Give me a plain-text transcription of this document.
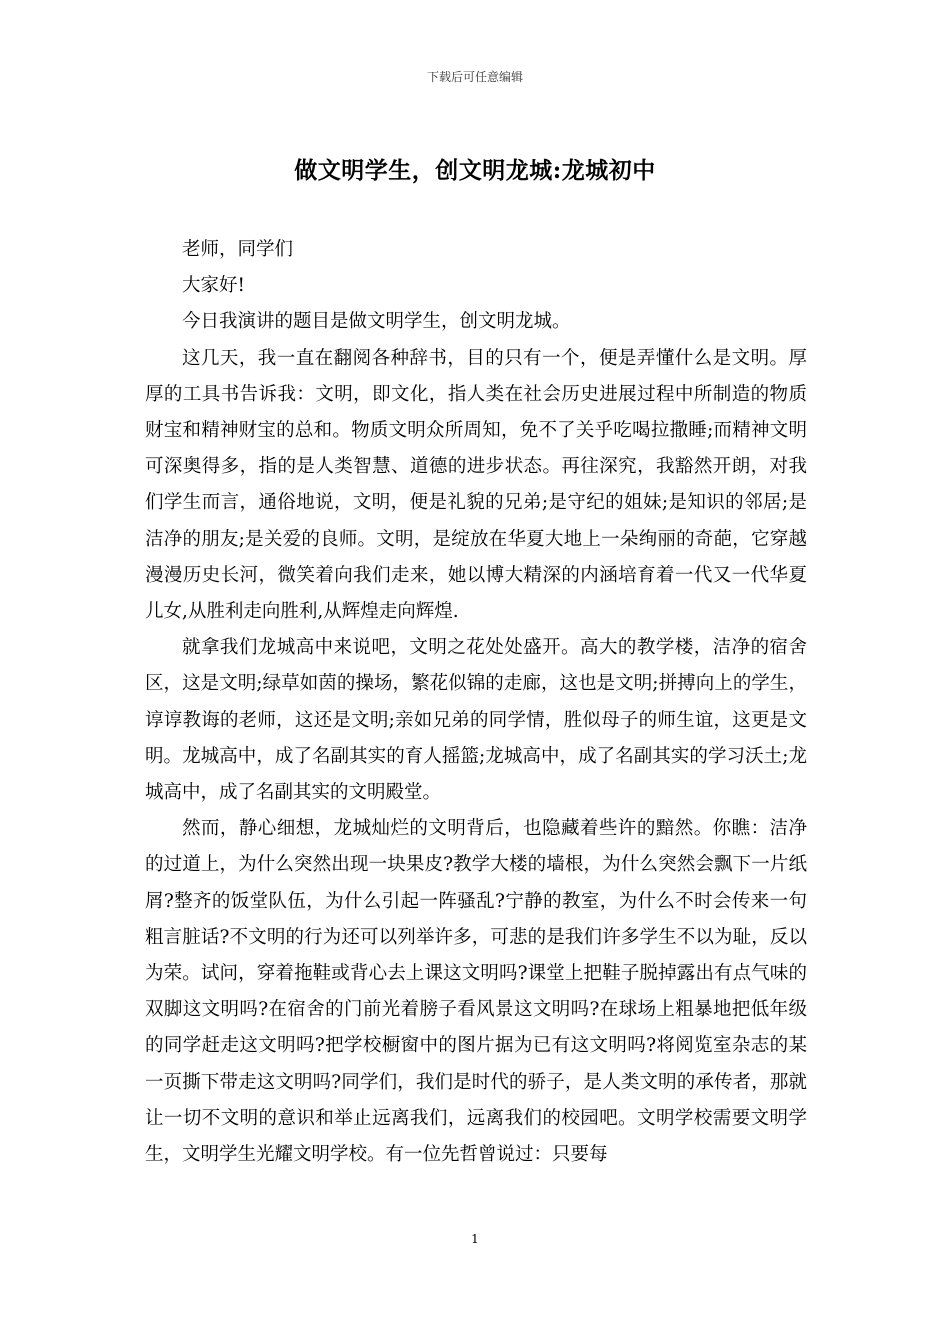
下载后可任意编辑
做文明学生，创文明龙城:龙城初中

老师，同学们

大家好!

今日我演讲的题目是做文明学生，创文明龙城。

这几天，我一直在翻阅各种辞书，目的只有一个，便是弄懂什么是文明。厚厚的工具书告诉我：文明，即文化，指人类在社会历史进展过程中所制造的物质财宝和精神财宝的总和。物质文明众所周知，免不了关乎吃喝拉撒睡;而精神文明可深奥得多，指的是人类智慧、道德的进步状态。再往深究，我豁然开朗，对我们学生而言，通俗地说，文明，便是礼貌的兄弟;是守纪的姐妹;是知识的邻居;是洁净的朋友;是关爱的良师。文明，是绽放在华夏大地上一朵绚丽的奇葩，它穿越漫漫历史长河，微笑着向我们走来，她以博大精深的内涵培育着一代又一代华夏儿女,从胜利走向胜利,从辉煌走向辉煌.

就拿我们龙城高中来说吧，文明之花处处盛开。高大的教学楼，洁净的宿舍区，这是文明;绿草如茵的操场，繁花似锦的走廊，这也是文明;拼搏向上的学生，谆谆教诲的老师，这还是文明;亲如兄弟的同学情，胜似母子的师生谊，这更是文明。龙城高中，成了名副其实的育人摇篮;龙城高中，成了名副其实的学习沃土;龙城高中，成了名副其实的文明殿堂。

然而，静心细想，龙城灿烂的文明背后，也隐藏着些许的黯然。你瞧：洁净的过道上，为什么突然出现一块果皮?教学大楼的墙根，为什么突然会飘下一片纸屑?整齐的饭堂队伍，为什么引起一阵骚乱?宁静的教室，为什么不时会传来一句粗言脏话?不文明的行为还可以列举许多，可悲的是我们许多学生不以为耻，反以为荣。试问，穿着拖鞋或背心去上课这文明吗?课堂上把鞋子脱掉露出有点气味的双脚这文明吗?在宿舍的门前光着膀子看风景这文明吗?在球场上粗暴地把低年级的同学赶走这文明吗?把学校橱窗中的图片据为已有这文明吗?将阅览室杂志的某一页撕下带走这文明吗?同学们，我们是时代的骄子，是人类文明的承传者，那就让一切不文明的意识和举止远离我们，远离我们的校园吧。文明学校需要文明学生，文明学生光耀文明学校。有一位先哲曾说过：只要每

1
